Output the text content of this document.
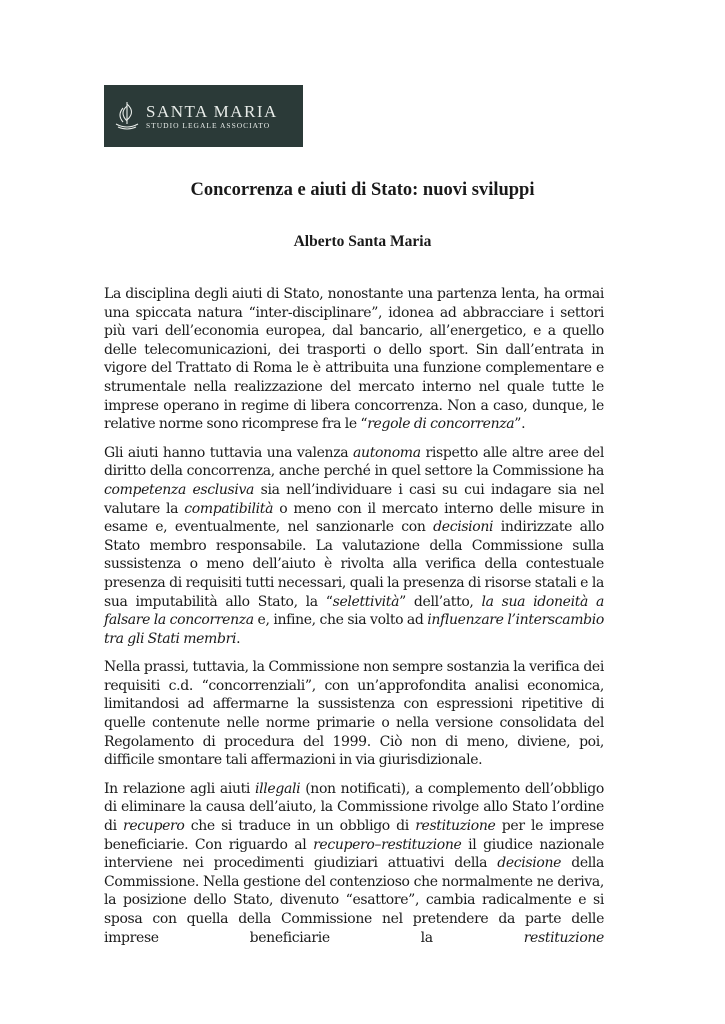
SANTA MARIA
STUDIO LEGALE ASSOCIATO
Concorrenza e aiuti di Stato: nuovi sviluppi
Alberto Santa Maria

La disciplina degli aiuti di Stato, nonostante una partenza lenta, ha ormai una spiccata natura “inter-disciplinare”, idonea ad abbracciare i settori più vari dell’economia europea, dal bancario, all’energetico, e a quello delle telecomunicazioni, dei trasporti o dello sport. Sin dall’entrata in vigore del Trattato di Roma le è attribuita una funzione complementare e strumentale nella realizzazione del mercato interno nel quale tutte le imprese operano in regime di libera concorrenza. Non a caso, dunque, le relative norme sono ricomprese fra le “regole di concorrenza”.

Gli aiuti hanno tuttavia una valenza autonoma rispetto alle altre aree del diritto della concorrenza, anche perché in quel settore la Commissione ha competenza esclusiva sia nell’individuare i casi su cui indagare sia nel valutare la compatibilità o meno con il mercato interno delle misure in esame e, eventualmente, nel sanzionarle con decisioni indirizzate allo Stato membro responsabile. La valutazione della Commissione sulla sussistenza o meno dell’aiuto è rivolta alla verifica della contestuale presenza di requisiti tutti necessari, quali la presenza di risorse statali e la sua imputabilità allo Stato, la “selettività” dell’atto, la sua idoneità a falsare la concorrenza e, infine, che sia volto ad influenzare l’interscambio tra gli Stati membri.

Nella prassi, tuttavia, la Commissione non sempre sostanzia la verifica dei requisiti c.d. “concorrenziali”, con un’approfondita analisi economica, limitandosi ad affermarne la sussistenza con espressioni ripetitive di quelle contenute nelle norme primarie o nella versione consolidata del Regolamento di procedura del 1999. Ciò non di meno, diviene, poi, difficile smontare tali affermazioni in via giurisdizionale.

In relazione agli aiuti illegali (non notificati), a complemento dell’obbligo di eliminare la causa dell’aiuto, la Commissione rivolge allo Stato l’ordine di recupero che si traduce in un obbligo di restituzione per le imprese beneficiarie. Con riguardo al recupero–restituzione il giudice nazionale interviene nei procedimenti giudiziari attuativi della decisione della Commissione. Nella gestione del contenzioso che normalmente ne deriva, la posizione dello Stato, divenuto “esattore”, cambia radicalmente e si sposa con quella della Commissione nel pretendere da parte delle imprese beneficiarie la restituzione
